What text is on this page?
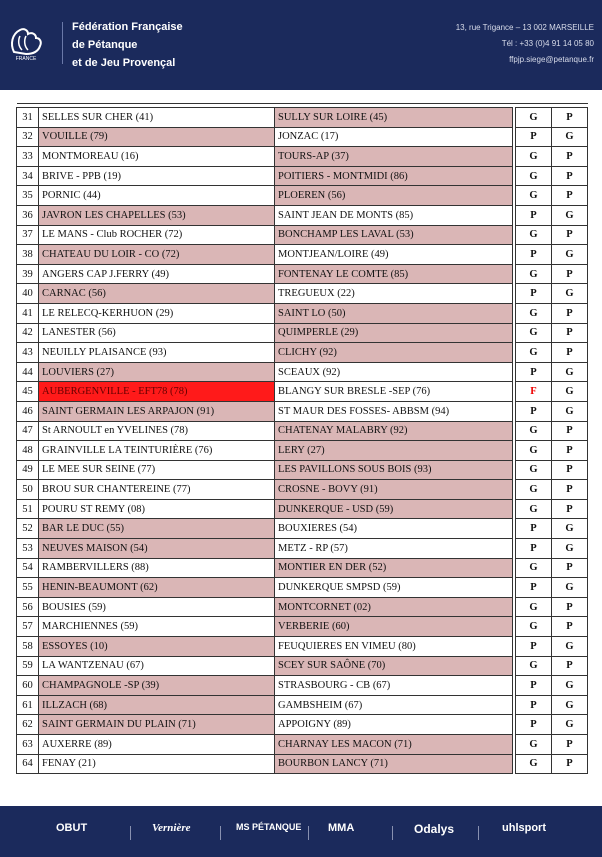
FRANCE
Fédération Française
de Pétanque
et de Jeu Provençal
13, rue Trigance – 13 002 MARSEILLE
Tél : +33 (0)4 91 14 05 80
ffpjp.siege@petanque.fr

31	SELLES SUR CHER (41)	SULLY SUR LOIRE (45)		G	P
32	VOUILLE (79)	JONZAC (17)		P	G
33	MONTMOREAU (16)	TOURS-AP (37)		G	P
34	BRIVE - PPB (19)	POITIERS - MONTMIDI (86)		G	P
35	PORNIC (44)	PLOEREN (56)		G	P
36	JAVRON LES CHAPELLES (53)	SAINT JEAN DE MONTS (85)		P	G
37	LE MANS - Club ROCHER (72)	BONCHAMP LES LAVAL (53)		G	P
38	CHATEAU DU LOIR - CO (72)	MONTJEAN/LOIRE (49)		P	G
39	ANGERS CAP J.FERRY (49)	FONTENAY LE COMTE (85)		G	P
40	CARNAC (56)	TREGUEUX (22)		P	G
41	LE RELECQ-KERHUON (29)	SAINT LO (50)		G	P
42	LANESTER (56)	QUIMPERLE (29)		G	P
43	NEUILLY PLAISANCE (93)	CLICHY (92)		G	P
44	LOUVIERS (27)	SCEAUX (92)		P	G
45	AUBERGENVILLE - EFT78 (78)	BLANGY SUR BRESLE -SEP (76)		F	G
46	SAINT GERMAIN LES ARPAJON (91)	ST MAUR DES FOSSES- ABBSM (94)		P	G
47	St ARNOULT en YVELINES (78)	CHATENAY MALABRY (92)		G	P
48	GRAINVILLE LA TEINTURIÈRE (76)	LERY (27)		G	P
49	LE MEE SUR SEINE (77)	LES PAVILLONS SOUS BOIS (93)		G	P
50	BROU SUR CHANTEREINE (77)	CROSNE - BOVY (91)		G	P
51	POURU ST REMY (08)	DUNKERQUE - USD (59)		G	P
52	BAR LE DUC (55)	BOUXIERES (54)		P	G
53	NEUVES MAISON (54)	METZ - RP (57)		P	G
54	RAMBERVILLERS (88)	MONTIER EN DER (52)		G	P
55	HENIN-BEAUMONT (62)	DUNKERQUE SMPSD (59)		P	G
56	BOUSIES (59)	MONTCORNET (02)		G	P
57	MARCHIENNES (59)	VERBERIE (60)		G	P
58	ESSOYES (10)	FEUQUIERES EN VIMEU (80)		P	G
59	LA WANTZENAU (67)	SCEY SUR SAÔNE (70)		G	P
60	CHAMPAGNOLE -SP (39)	STRASBOURG - CB (67)		P	G
61	ILLZACH (68)	GAMBSHEIM (67)		P	G
62	SAINT GERMAIN DU PLAIN (71)	APPOIGNY (89)		P	G
63	AUXERRE (89)	CHARNAY LES MACON (71)		G	P
64	FENAY (21)	BOURBON LANCY (71)		G	P
OBUT	Vernière	MS PÉTANQUE MMA	Odalys	uhlsport
